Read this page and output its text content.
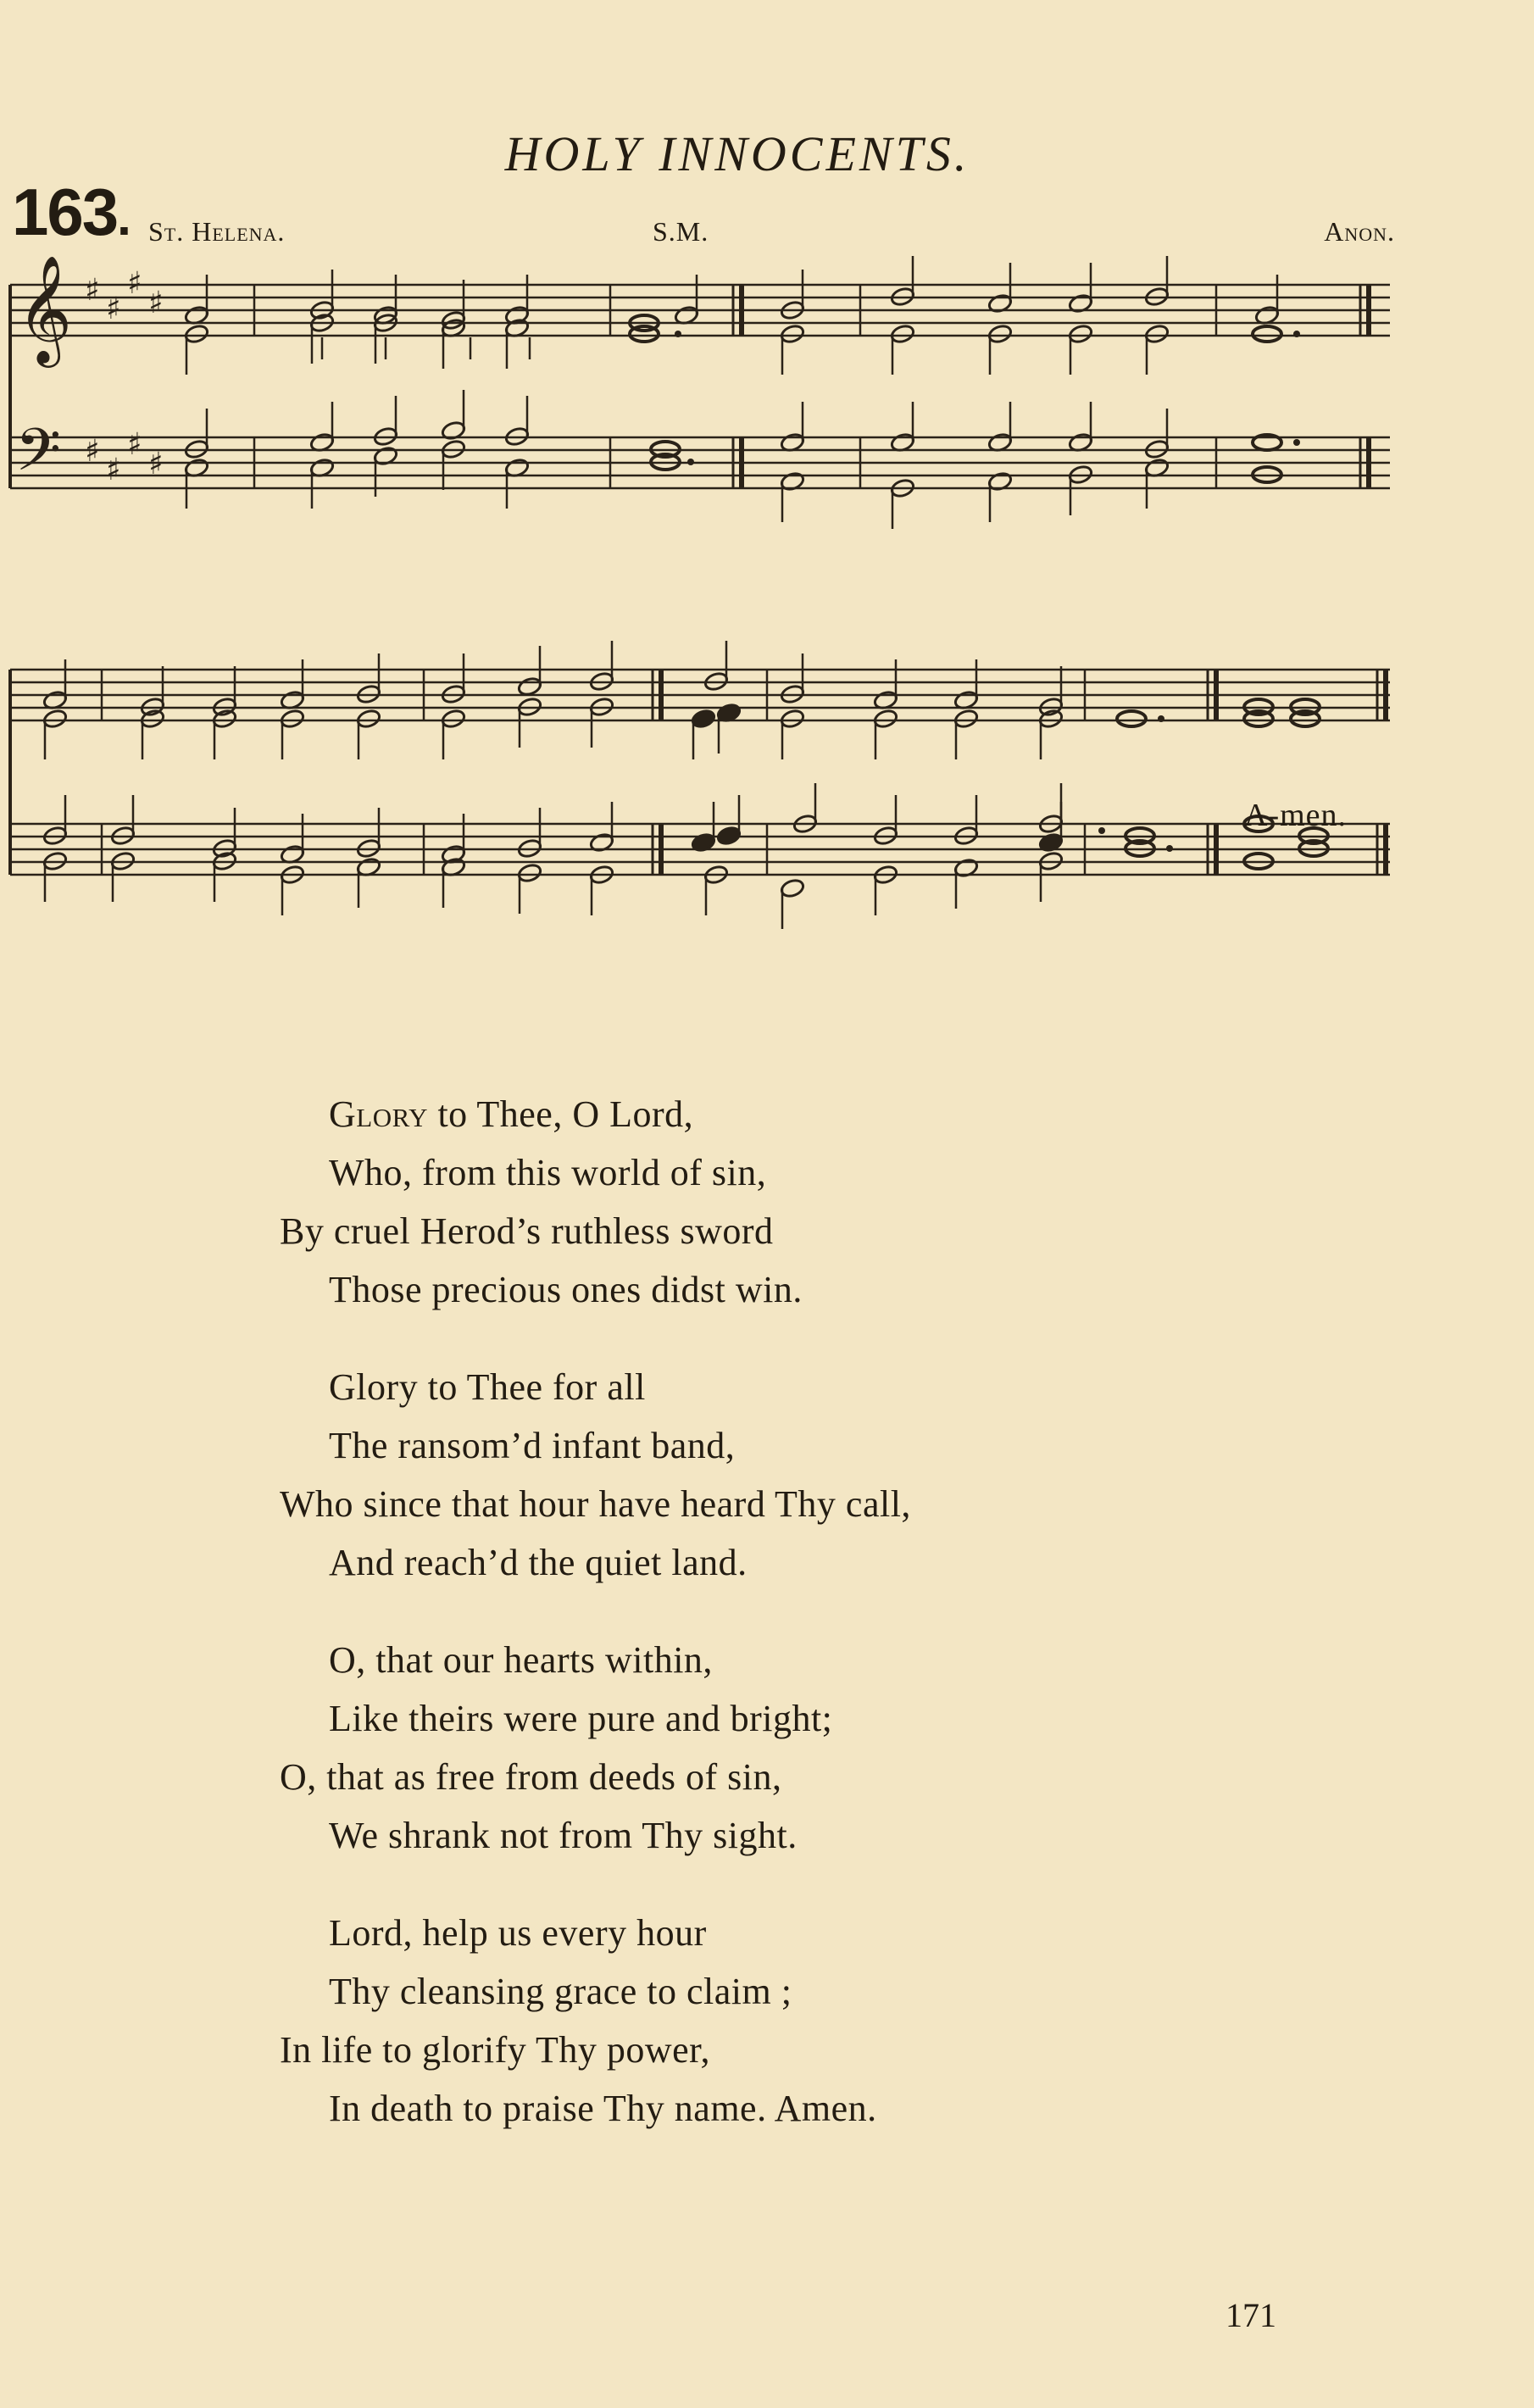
HOLY INNOCENTS.
163. St. Helena.	S.M.	Anon.
𝄞
𝄢
♯
♯
♯
♯
♯
♯
♯
♯
A-men.
Glory to Thee, O Lord,
Who, from this world of sin,
By cruel Herod’s ruthless sword
Those precious ones didst win.
Glory to Thee for all
The ransom’d infant band,
Who since that hour have heard Thy call,
And reach’d the quiet land.
O, that our hearts within,
Like theirs were pure and bright;
O, that as free from deeds of sin,
We shrank not from Thy sight.
Lord, help us every hour
Thy cleansing grace to claim ;
In life to glorify Thy power,
In death to praise Thy name. Amen.
171
